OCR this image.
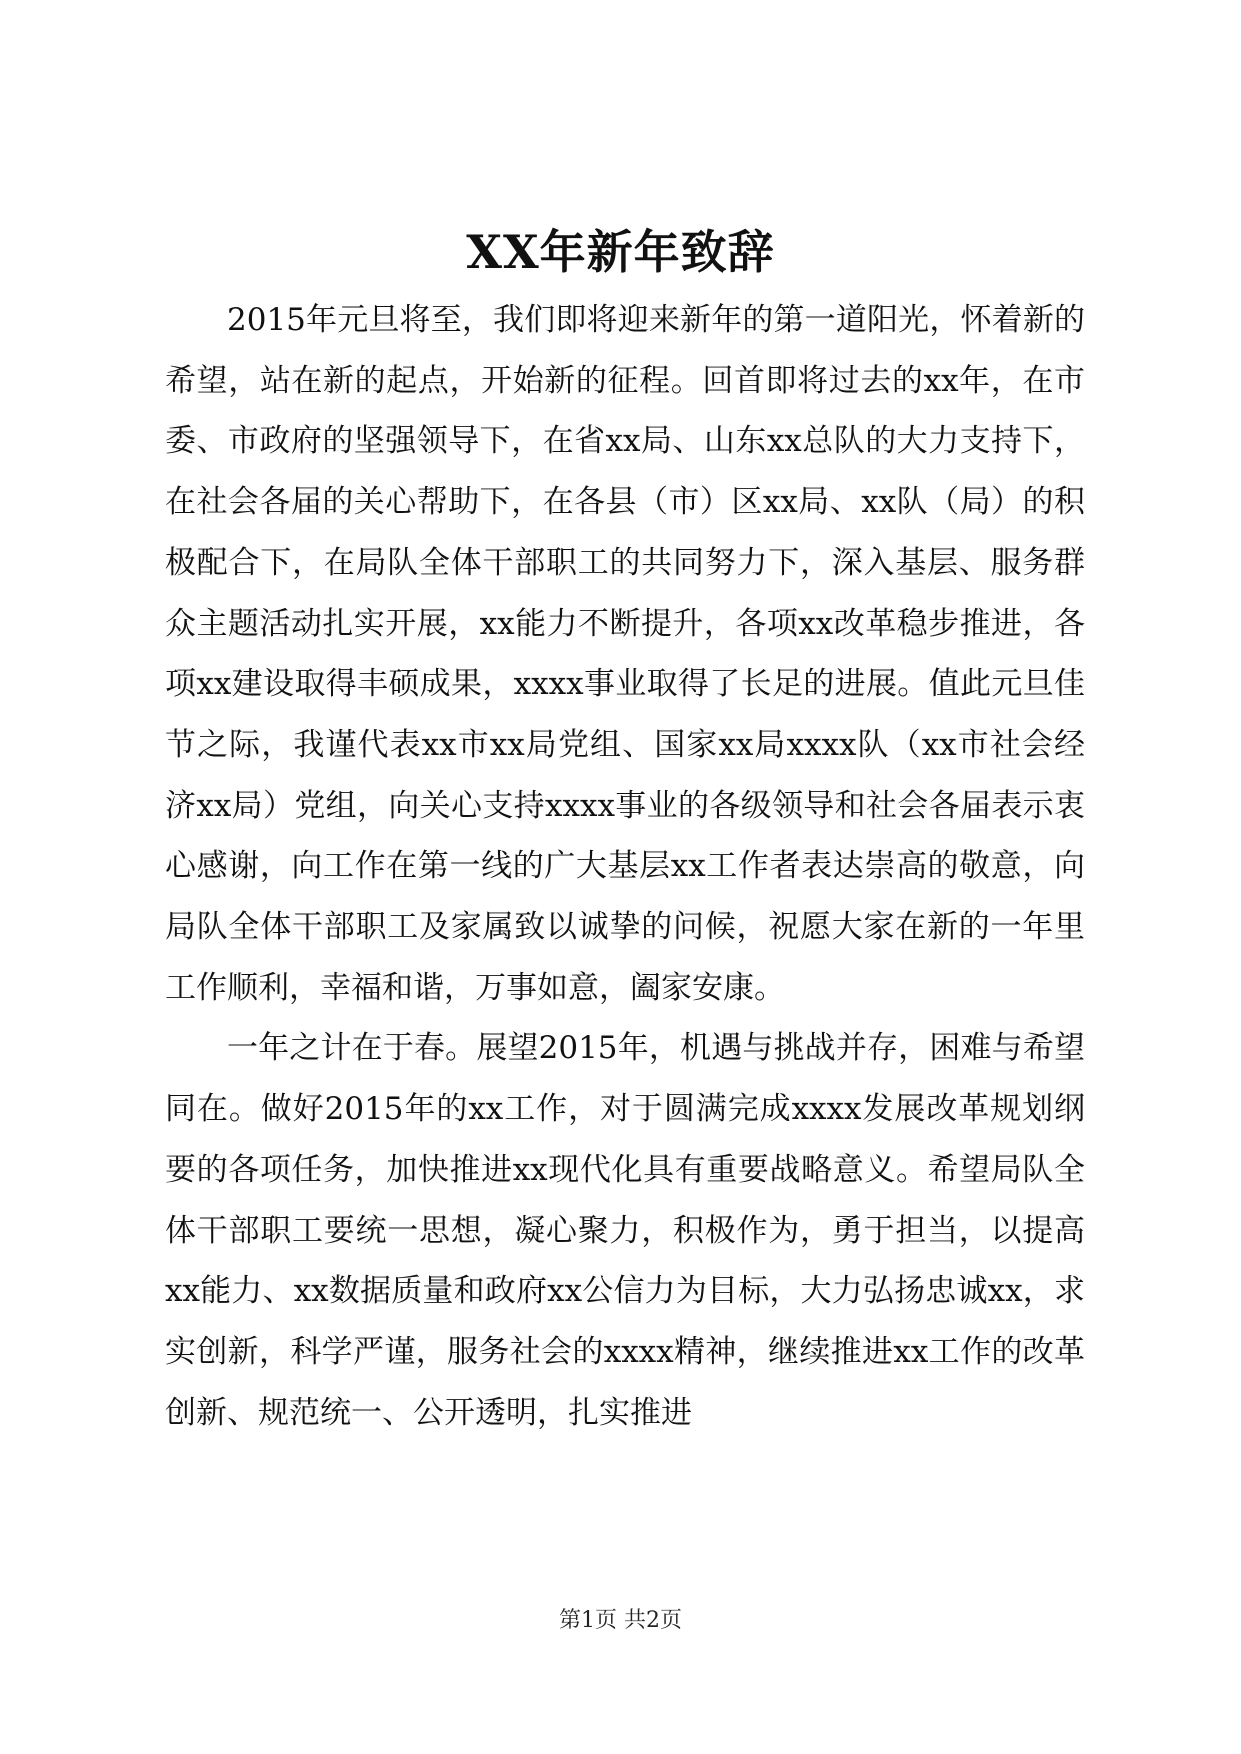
XX年新年致辞

2015年元旦将至，我们即将迎来新年的第一道阳光，怀着新的希望，站在新的起点，开始新的征程。回首即将过去的xx年，在市委、市政府的坚强领导下，在省xx局、山东xx总队的大力支持下，在社会各届的关心帮助下，在各县（市）区xx局、xx队（局）的积极配合下，在局队全体干部职工的共同努力下，深入基层、服务群众主题活动扎实开展，xx能力不断提升，各项xx改革稳步推进，各项xx建设取得丰硕成果，xxxx事业取得了长足的进展。值此元旦佳节之际，我谨代表xx市xx局党组、国家xx局xxxx队（xx市社会经济xx局）党组，向关心支持xxxx事业的各级领导和社会各届表示衷心感谢，向工作在第一线的广大基层xx工作者表达崇高的敬意，向局队全体干部职工及家属致以诚挚的问候，祝愿大家在新的一年里工作顺利，幸福和谐，万事如意，阖家安康。

一年之计在于春。展望2015年，机遇与挑战并存，困难与希望同在。做好2015年的xx工作，对于圆满完成xxxx发展改革规划纲要的各项任务，加快推进xx现代化具有重要战略意义。希望局队全体干部职工要统一思想，凝心聚力，积极作为，勇于担当，以提高xx能力、xx数据质量和政府xx公信力为目标，大力弘扬忠诚xx，求实创新，科学严谨，服务社会的xxxx精神，继续推进xx工作的改革创新、规范统一、公开透明，扎实推进

第1页 共2页
